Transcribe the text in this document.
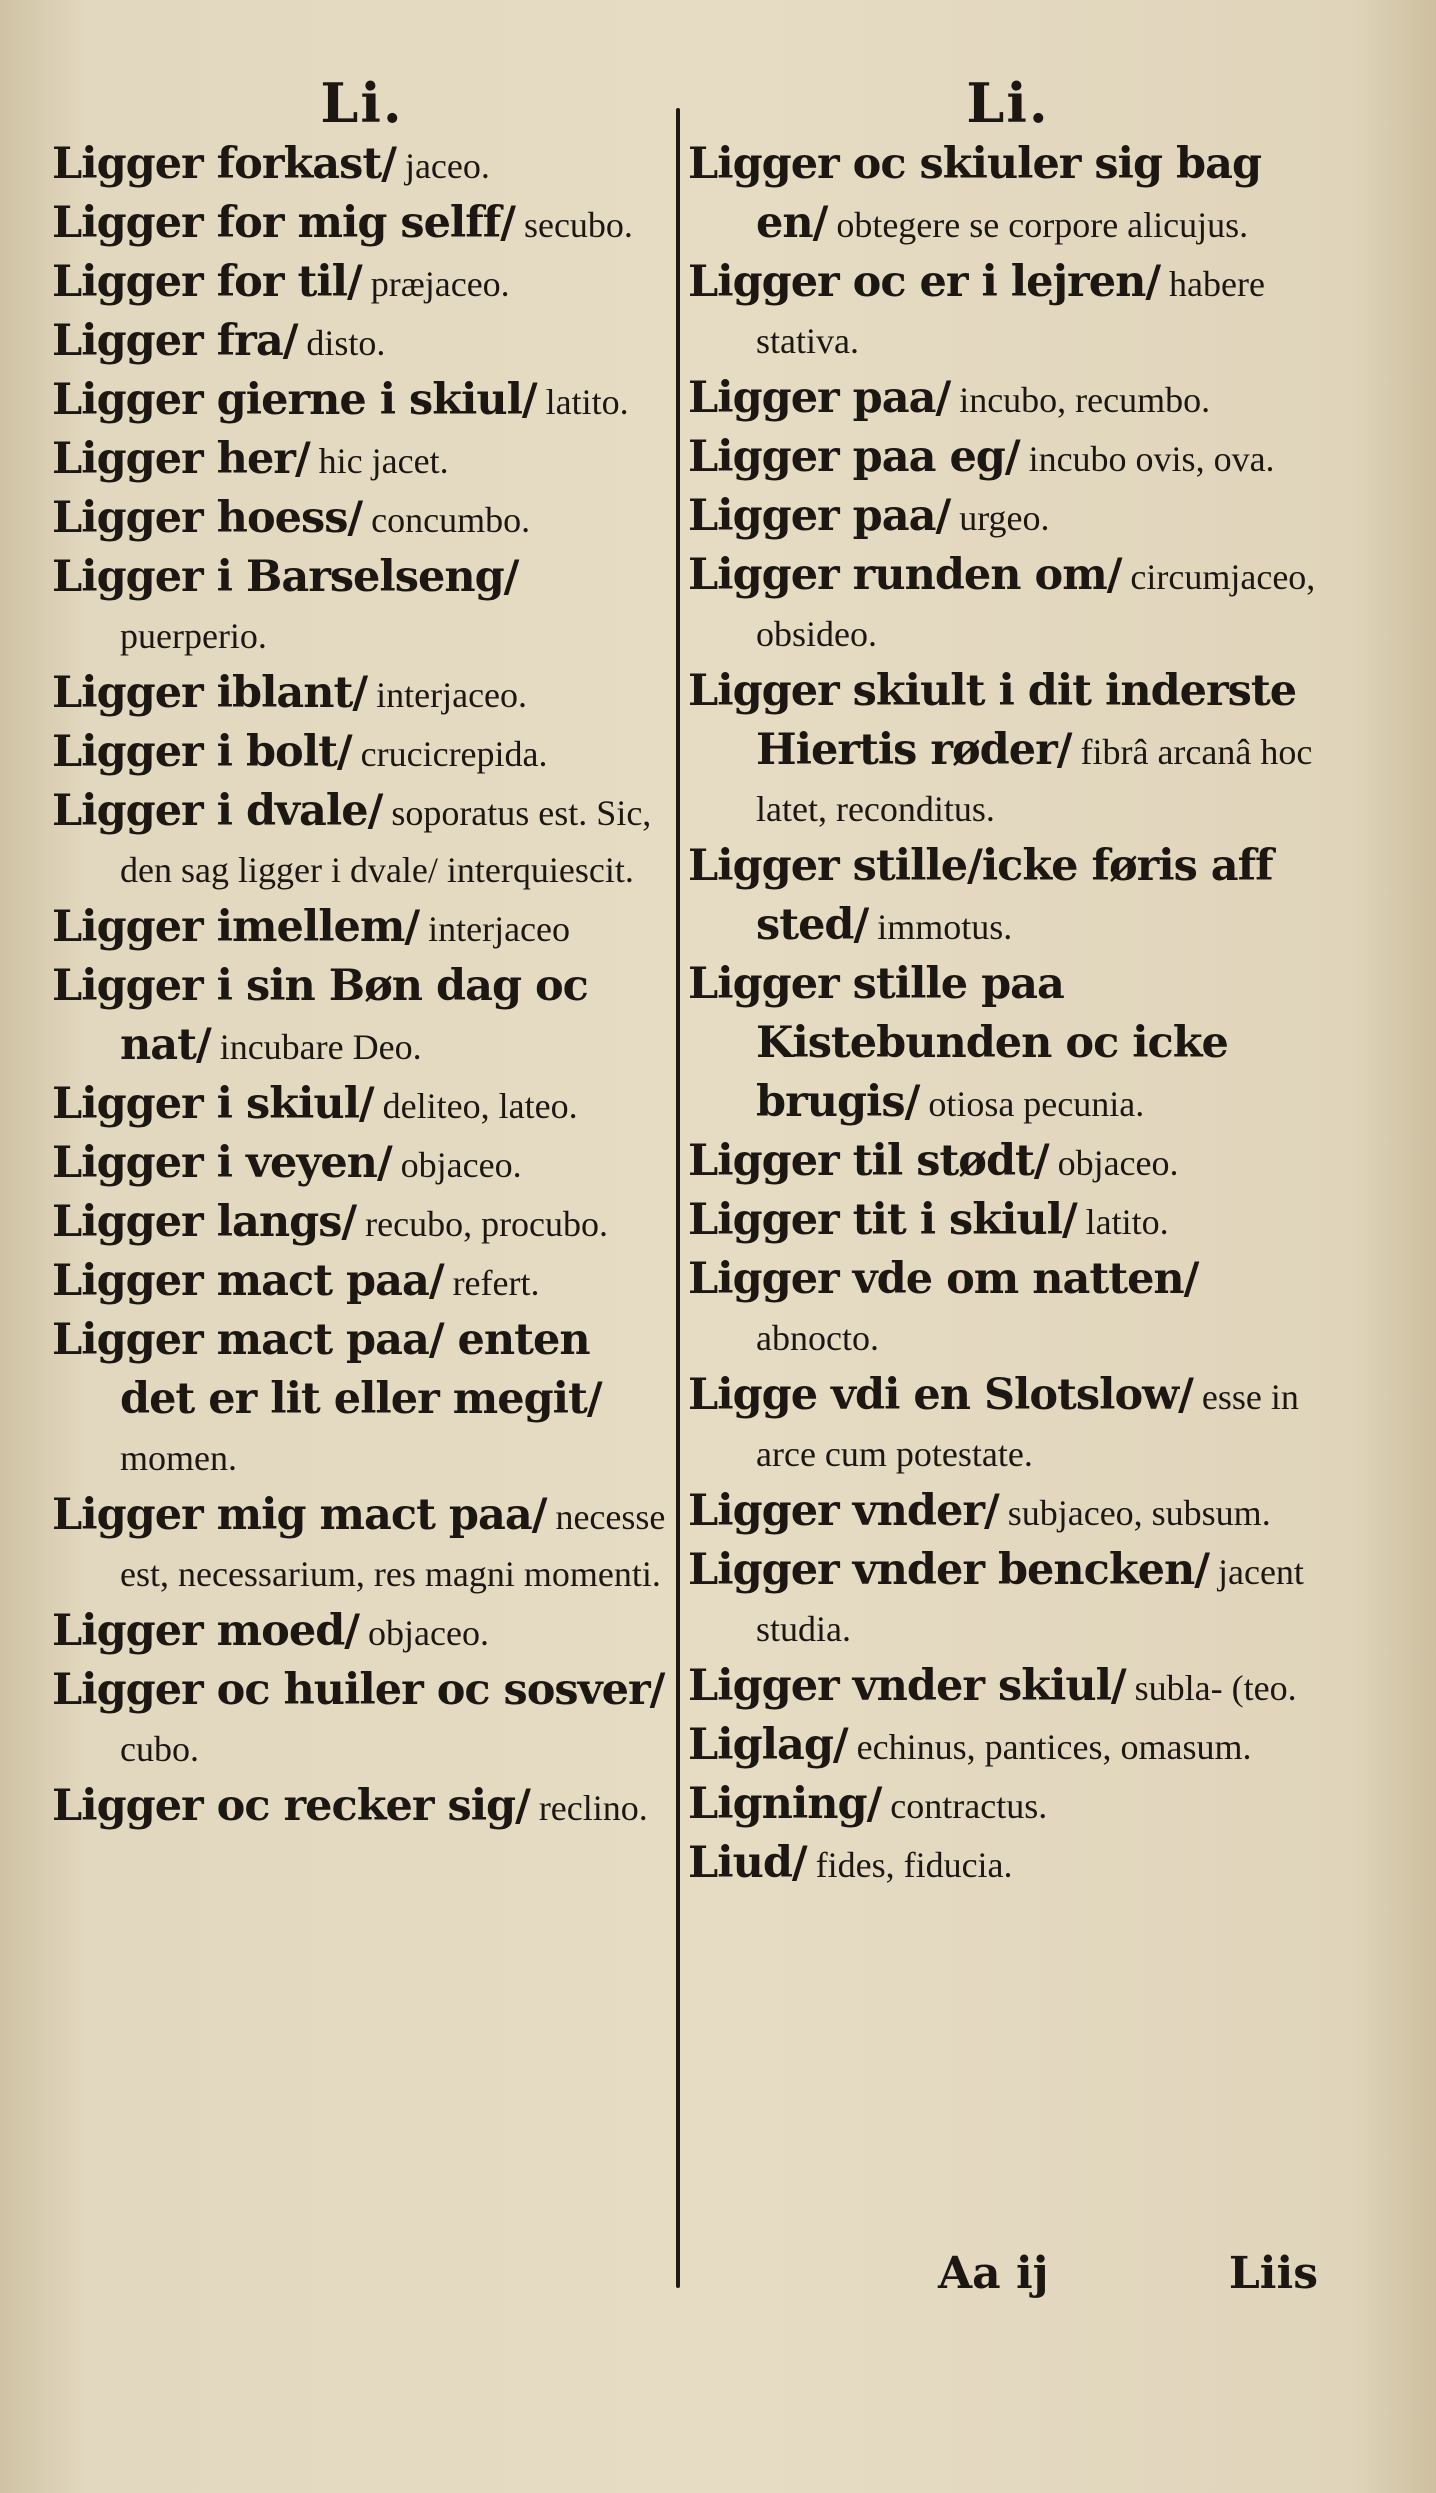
Li.
Ligger forkast/ jaceo.
Ligger for mig selff/ secubo.
Ligger for til/ præjaceo.
Ligger fra/ disto.
Ligger gierne i skiul/ latito.
Ligger her/ hic jacet.
Ligger hoess/ concumbo.
Ligger i Barselseng/ puerperio.
Ligger iblant/ interjaceo.
Ligger i bolt/ crucicrepida.
Ligger i dvale/ soporatus est. Sic, den sag ligger i dvale/ interquiescit.
Ligger imellem/ interjaceo
Ligger i sin Bøn dag oc nat/ incubare Deo.
Ligger i skiul/ deliteo, lateo.
Ligger i veyen/ objaceo.
Ligger langs/ recubo, procubo.
Ligger mact paa/ refert.
Ligger mact paa/ enten det er lit eller megit/ momen.
Ligger mig mact paa/ necesse est, necessarium, res magni momenti.
Ligger moed/ objaceo.
Ligger oc huiler oc sosver/ cubo.
Ligger oc recker sig/ reclino.
Li.
Ligger oc skiuler sig bag en/ obtegere se corpore alicujus.
Ligger oc er i lejren/ habere stativa.
Ligger paa/ incubo, recumbo.
Ligger paa eg/ incubo ovis, ova.
Ligger paa/ urgeo.
Ligger runden om/ circumjaceo, obsideo.
Ligger skiult i dit inderste Hiertis røder/ fibrâ arcanâ hoc latet, reconditus.
Ligger stille/icke føris aff sted/ immotus.
Ligger stille paa Kistebunden oc icke brugis/ otiosa pecunia.
Ligger til stødt/ objaceo.
Ligger tit i skiul/ latito.
Ligger vde om natten/ abnocto.
Ligge vdi en Slotslow/ esse in arce cum potestate.
Ligger vnder/ subjaceo, subsum.
Ligger vnder bencken/ jacent studia.
Ligger vnder skiul/ subla- (teo.
Liglag/ echinus, pantices, omasum.
Ligning/ contractus.
Liud/ fides, fiducia.
Aa ij	Liis
